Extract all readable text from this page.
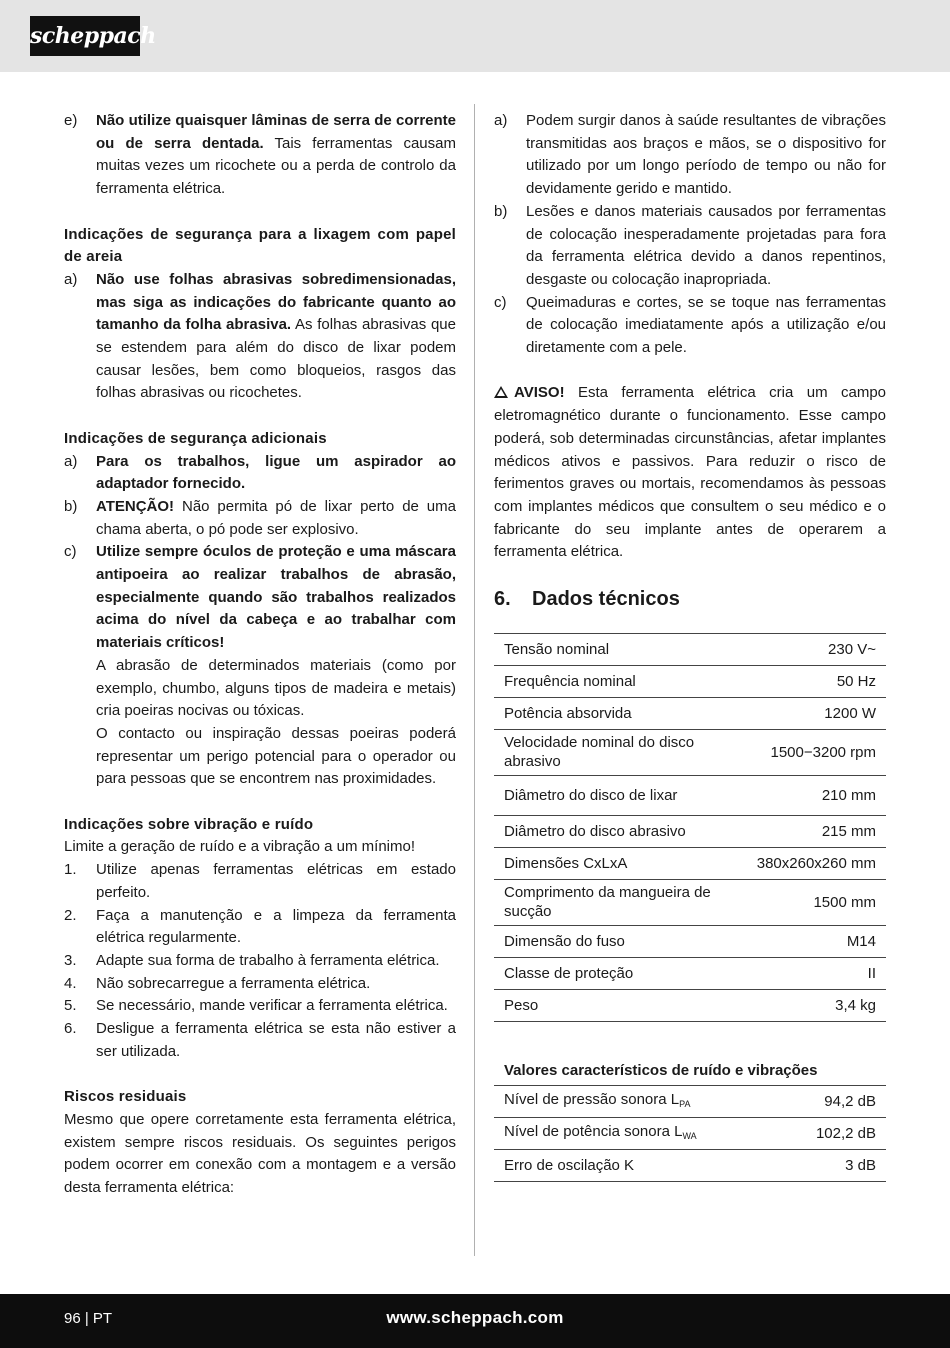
scheppach
e)	Não utilize quaisquer lâminas de serra de corrente ou de serra dentada. Tais ferramentas causam muitas vezes um ricochete ou a perda de controlo da ferramenta elétrica.
Indicações de segurança para a lixagem com papel de areia
a)	Não use folhas abrasivas sobredimensionadas, mas siga as indicações do fabricante quanto ao tamanho da folha abrasiva. As folhas abrasivas que se estendem para além do disco de lixar podem causar lesões, bem como bloqueios, rasgos das folhas abrasivas ou ricochetes.
Indicações de segurança adicionais
a)	Para os trabalhos, ligue um aspirador ao adaptador fornecido.
b)	ATENÇÃO! Não permita pó de lixar perto de uma chama aberta, o pó pode ser explosivo.
c)	Utilize sempre óculos de proteção e uma máscara antipoeira ao realizar trabalhos de abrasão, especialmente quando são trabalhos realizados acima do nível da cabeça e ao trabalhar com materiais críticos!
A abrasão de determinados materiais (como por exemplo, chumbo, alguns tipos de madeira e metais) cria poeiras nocivas ou tóxicas.
O contacto ou inspiração dessas poeiras poderá representar um perigo potencial para o operador ou para pessoas que se encontrem nas proximidades.
Indicações sobre vibração e ruído
Limite a geração de ruído e a vibração a um mínimo!
1.	Utilize apenas ferramentas elétricas em estado perfeito.
2.	Faça a manutenção e a limpeza da ferramenta elétrica regularmente.
3.	Adapte sua forma de trabalho à ferramenta elétrica.
4.	Não sobrecarregue a ferramenta elétrica.
5.	Se necessário, mande verificar a ferramenta elétrica.
6.	Desligue a ferramenta elétrica se esta não estiver a ser utilizada.
Riscos residuais
Mesmo que opere corretamente esta ferramenta elétrica, existem sempre riscos residuais. Os seguintes perigos podem ocorrer em conexão com a montagem e a versão desta ferramenta elétrica:
a)	Podem surgir danos à saúde resultantes de vibrações transmitidas aos braços e mãos, se o dispositivo for utilizado por um longo período de tempo ou não for devidamente gerido e mantido.
b)	Lesões e danos materiais causados por ferramentas de colocação inesperadamente projetadas para fora da ferramenta elétrica devido a danos repentinos, desgaste ou colocação inapropriada.
c)	Queimaduras e cortes, se se toque nas ferramentas de colocação imediatamente após a utilização e/ou diretamente com a pele.
AVISO! Esta ferramenta elétrica cria um campo eletromagnético durante o funcionamento. Esse campo poderá, sob determinadas circunstâncias, afetar implantes médicos ativos e passivos. Para reduzir o risco de ferimentos graves ou mortais, recomendamos às pessoas com implantes médicos que consultem o seu médico e o fabricante do seu implante antes de operarem a ferramenta elétrica.
6.	Dados técnicos
Tensão nominal	230 V~
Frequência nominal	50 Hz
Potência absorvida	1200 W
Velocidade nominal do disco abrasivo	1500−3200 rpm
Diâmetro do disco de lixar	210 mm
Diâmetro do disco abrasivo	215 mm
Dimensões CxLxA	380x260x260 mm
Comprimento da mangueira de sucção	1500 mm
Dimensão do fuso	M14
Classe de proteção	II
Peso	3,4 kg
Valores característicos de ruído e vibrações
Nível de pressão sonora $L_{PA}$	94,2 dB
Nível de potência sonora $L_{WA}$	102,2 dB
Erro de oscilação K	3 dB
96 | PT	www.scheppach.com
